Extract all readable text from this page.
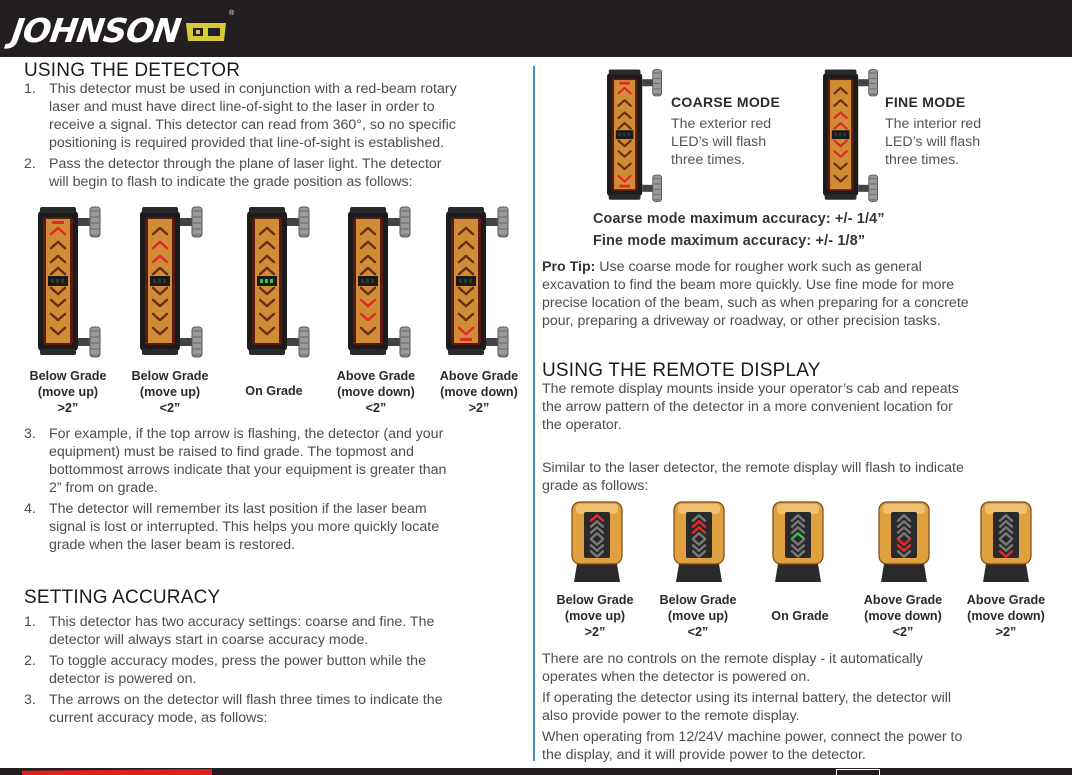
JOHNSON	®
USING THE DETECTOR
1. This detector must be used in conjunction with a red-beam rotary
laser and must have direct line-of-sight to the laser in order to
receive a signal. This detector can read from 360°, so no specific
positioning is required provided that line-of-sight is established.
2. Pass the detector through the plane of laser light. The detector
will begin to flash to indicate the grade position as follows:
Below Grade
(move up)
>2”
Below Grade
(move up)
<2”
On Grade
Above Grade
(move down)
<2”
Above Grade
(move down)
>2”
3. For example, if the top arrow is flashing, the detector (and your
equipment) must be raised to find grade. The topmost and
bottommost arrows indicate that your equipment is greater than
2” from on grade.
4. The detector will remember its last position if the laser beam
signal is lost or interrupted. This helps you more quickly locate
grade when the laser beam is restored.
SETTING ACCURACY
1. This detector has two accuracy settings: coarse and fine. The
detector will always start in coarse accuracy mode.
2. To toggle accuracy modes, press the power button while the
detector is powered on.
3. The arrows on the detector will flash three times to indicate the
current accuracy mode, as follows:
COARSE MODE
The exterior red
LED’s will flash
three times.
FINE MODE
The interior red
LED’s will flash
three times.
Coarse mode maximum accuracy: +/- 1/4”
Fine mode maximum accuracy: +/- 1/8”
Pro Tip: Use coarse mode for rougher work such as general
excavation to find the beam more quickly. Use fine mode for more
precise location of the beam, such as when preparing for a concrete
pour, preparing a driveway or roadway, or other precision tasks.
USING THE REMOTE DISPLAY
The remote display mounts inside your operator’s cab and repeats
the arrow pattern of the detector in a more convenient location for
the operator.
Similar to the laser detector, the remote display will flash to indicate
grade as follows:
Below Grade
(move up)
>2”
Below Grade
(move up)
<2”
On Grade
Above Grade
(move down)
<2”
Above Grade
(move down)
>2”
There are no controls on the remote display - it automatically
operates when the detector is powered on.
If operating the detector using its internal battery, the detector will
also provide power to the remote display.
When operating from 12/24V machine power, connect the power to
the display, and it will provide power to the detector.
